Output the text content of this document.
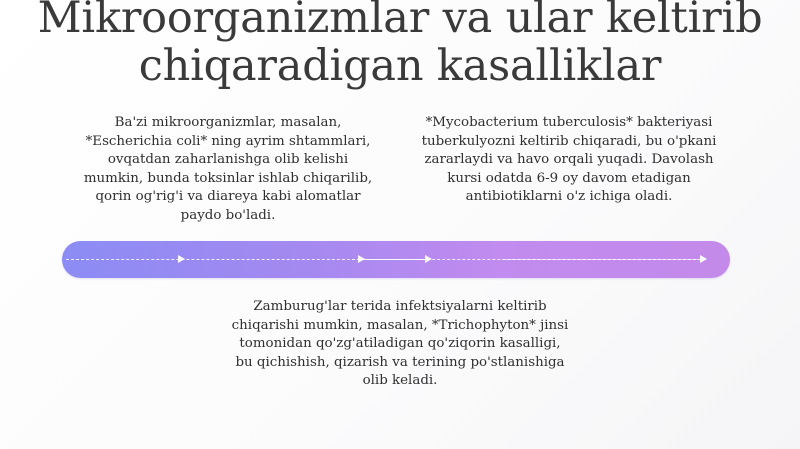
Mikroorganizmlar va ular keltirib chiqaradigan kasalliklar
Ba'zi mikroorganizmlar, masalan, *Escherichia coli* ning ayrim shtammlari, ovqatdan zaharlanishga olib kelishi mumkin, bunda toksinlar ishlab chiqarilib, qorin og'rig'i va diareya kabi alomatlar paydo bo'ladi.
*Mycobacterium tuberculosis* bakteriyasi tuberkulyozni keltirib chiqaradi, bu o'pkani zararlaydi va havo orqali yuqadi. Davolash kursi odatda 6-9 oy davom etadigan antibiotiklarni o'z ichiga oladi.
Zamburug'lar terida infektsiyalarni keltirib chiqarishi mumkin, masalan, *Trichophyton* jinsi tomonidan qo'zg'atiladigan qo'ziqorin kasalligi, bu qichishish, qizarish va terining po'stlanishiga olib keladi.
